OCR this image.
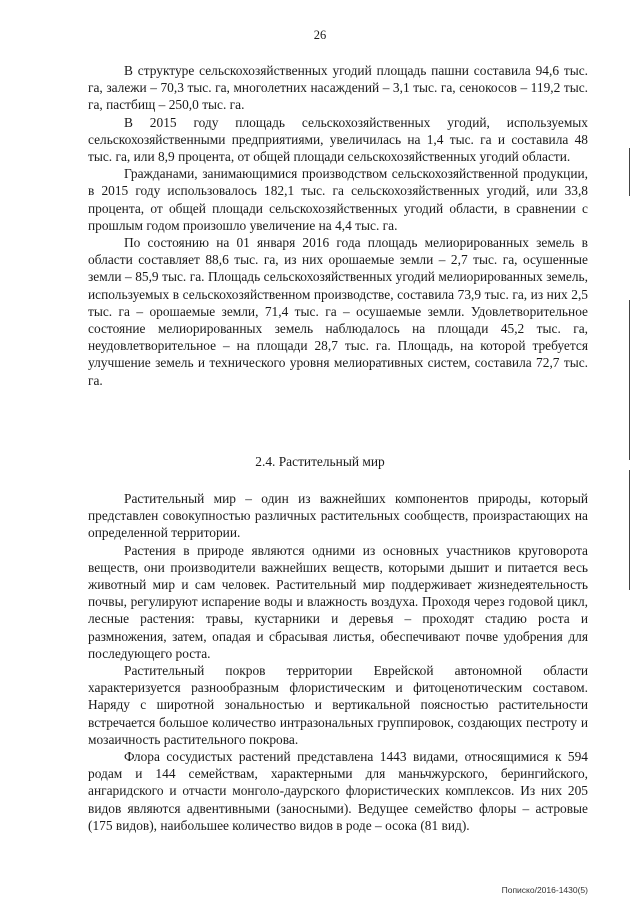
26

В структуре сельскохозяйственных угодий площадь пашни составила 94,6 тыс. га, залежи – 70,3 тыс. га, многолетних насаждений – 3,1 тыс. га, сенокосов – 119,2 тыс. га, пастбищ – 250,0 тыс. га.

В 2015 году площадь сельскохозяйственных угодий, используемых сельскохозяйственными предприятиями, увеличилась на 1,4 тыс. га и составила 48 тыс. га, или 8,9 процента, от общей площади сельскохозяйственных угодий области.

Гражданами, занимающимися производством сельскохозяйственной продукции, в 2015 году использовалось 182,1 тыс. га сельскохозяйственных угодий, или 33,8 процента, от общей площади сельскохозяйственных угодий области, в сравнении с прошлым годом произошло увеличение на 4,4 тыс. га.

По состоянию на 01 января 2016 года площадь мелиорированных земель в области составляет 88,6 тыс. га, из них орошаемые земли – 2,7 тыс. га, осушенные земли – 85,9 тыс. га. Площадь сельскохозяйственных угодий мелиорированных земель, используемых в сельскохозяйственном производстве, составила 73,9 тыс. га, из них 2,5 тыс. га – орошаемые земли, 71,4 тыс. га – осушаемые земли. Удовлетворительное состояние мелиорированных земель наблюдалось на площади 45,2 тыс. га, неудовлетворительное – на площади 28,7 тыс. га. Площадь, на которой требуется улучшение земель и технического уровня мелиоративных систем, составила 72,7 тыс. га.

2.4. Растительный мир

Растительный мир – один из важнейших компонентов природы, который представлен совокупностью различных растительных сообществ, произрастающих на определенной территории.

Растения в природе являются одними из основных участников круговорота веществ, они производители важнейших веществ, которыми дышит и питается весь животный мир и сам человек. Растительный мир поддерживает жизнедеятельность почвы, регулируют испарение воды и влажность воздуха. Проходя через годовой цикл, лесные растения: травы, кустарники и деревья – проходят стадию роста и размножения, затем, опадая и сбрасывая листья, обеспечивают почве удобрения для последующего роста.

Растительный покров территории Еврейской автономной области характеризуется разнообразным флористическим и фитоценотическим составом. Наряду с широтной зональностью и вертикальной поясностью растительности встречается большое количество интразональных группировок, создающих пестроту и мозаичность растительного покрова.

Флора сосудистых растений представлена 1443 видами, относящимися к 594 родам и 144 семействам, характерными для маньчжурского, берингийского, ангаридского и отчасти монголо-даурского флористических комплексов. Из них 205 видов являются адвентивными (заносными). Ведущее семейство флоры – астровые (175 видов), наибольшее количество видов в роде – осока (81 вид).

Пописко/2016-1430(5)
